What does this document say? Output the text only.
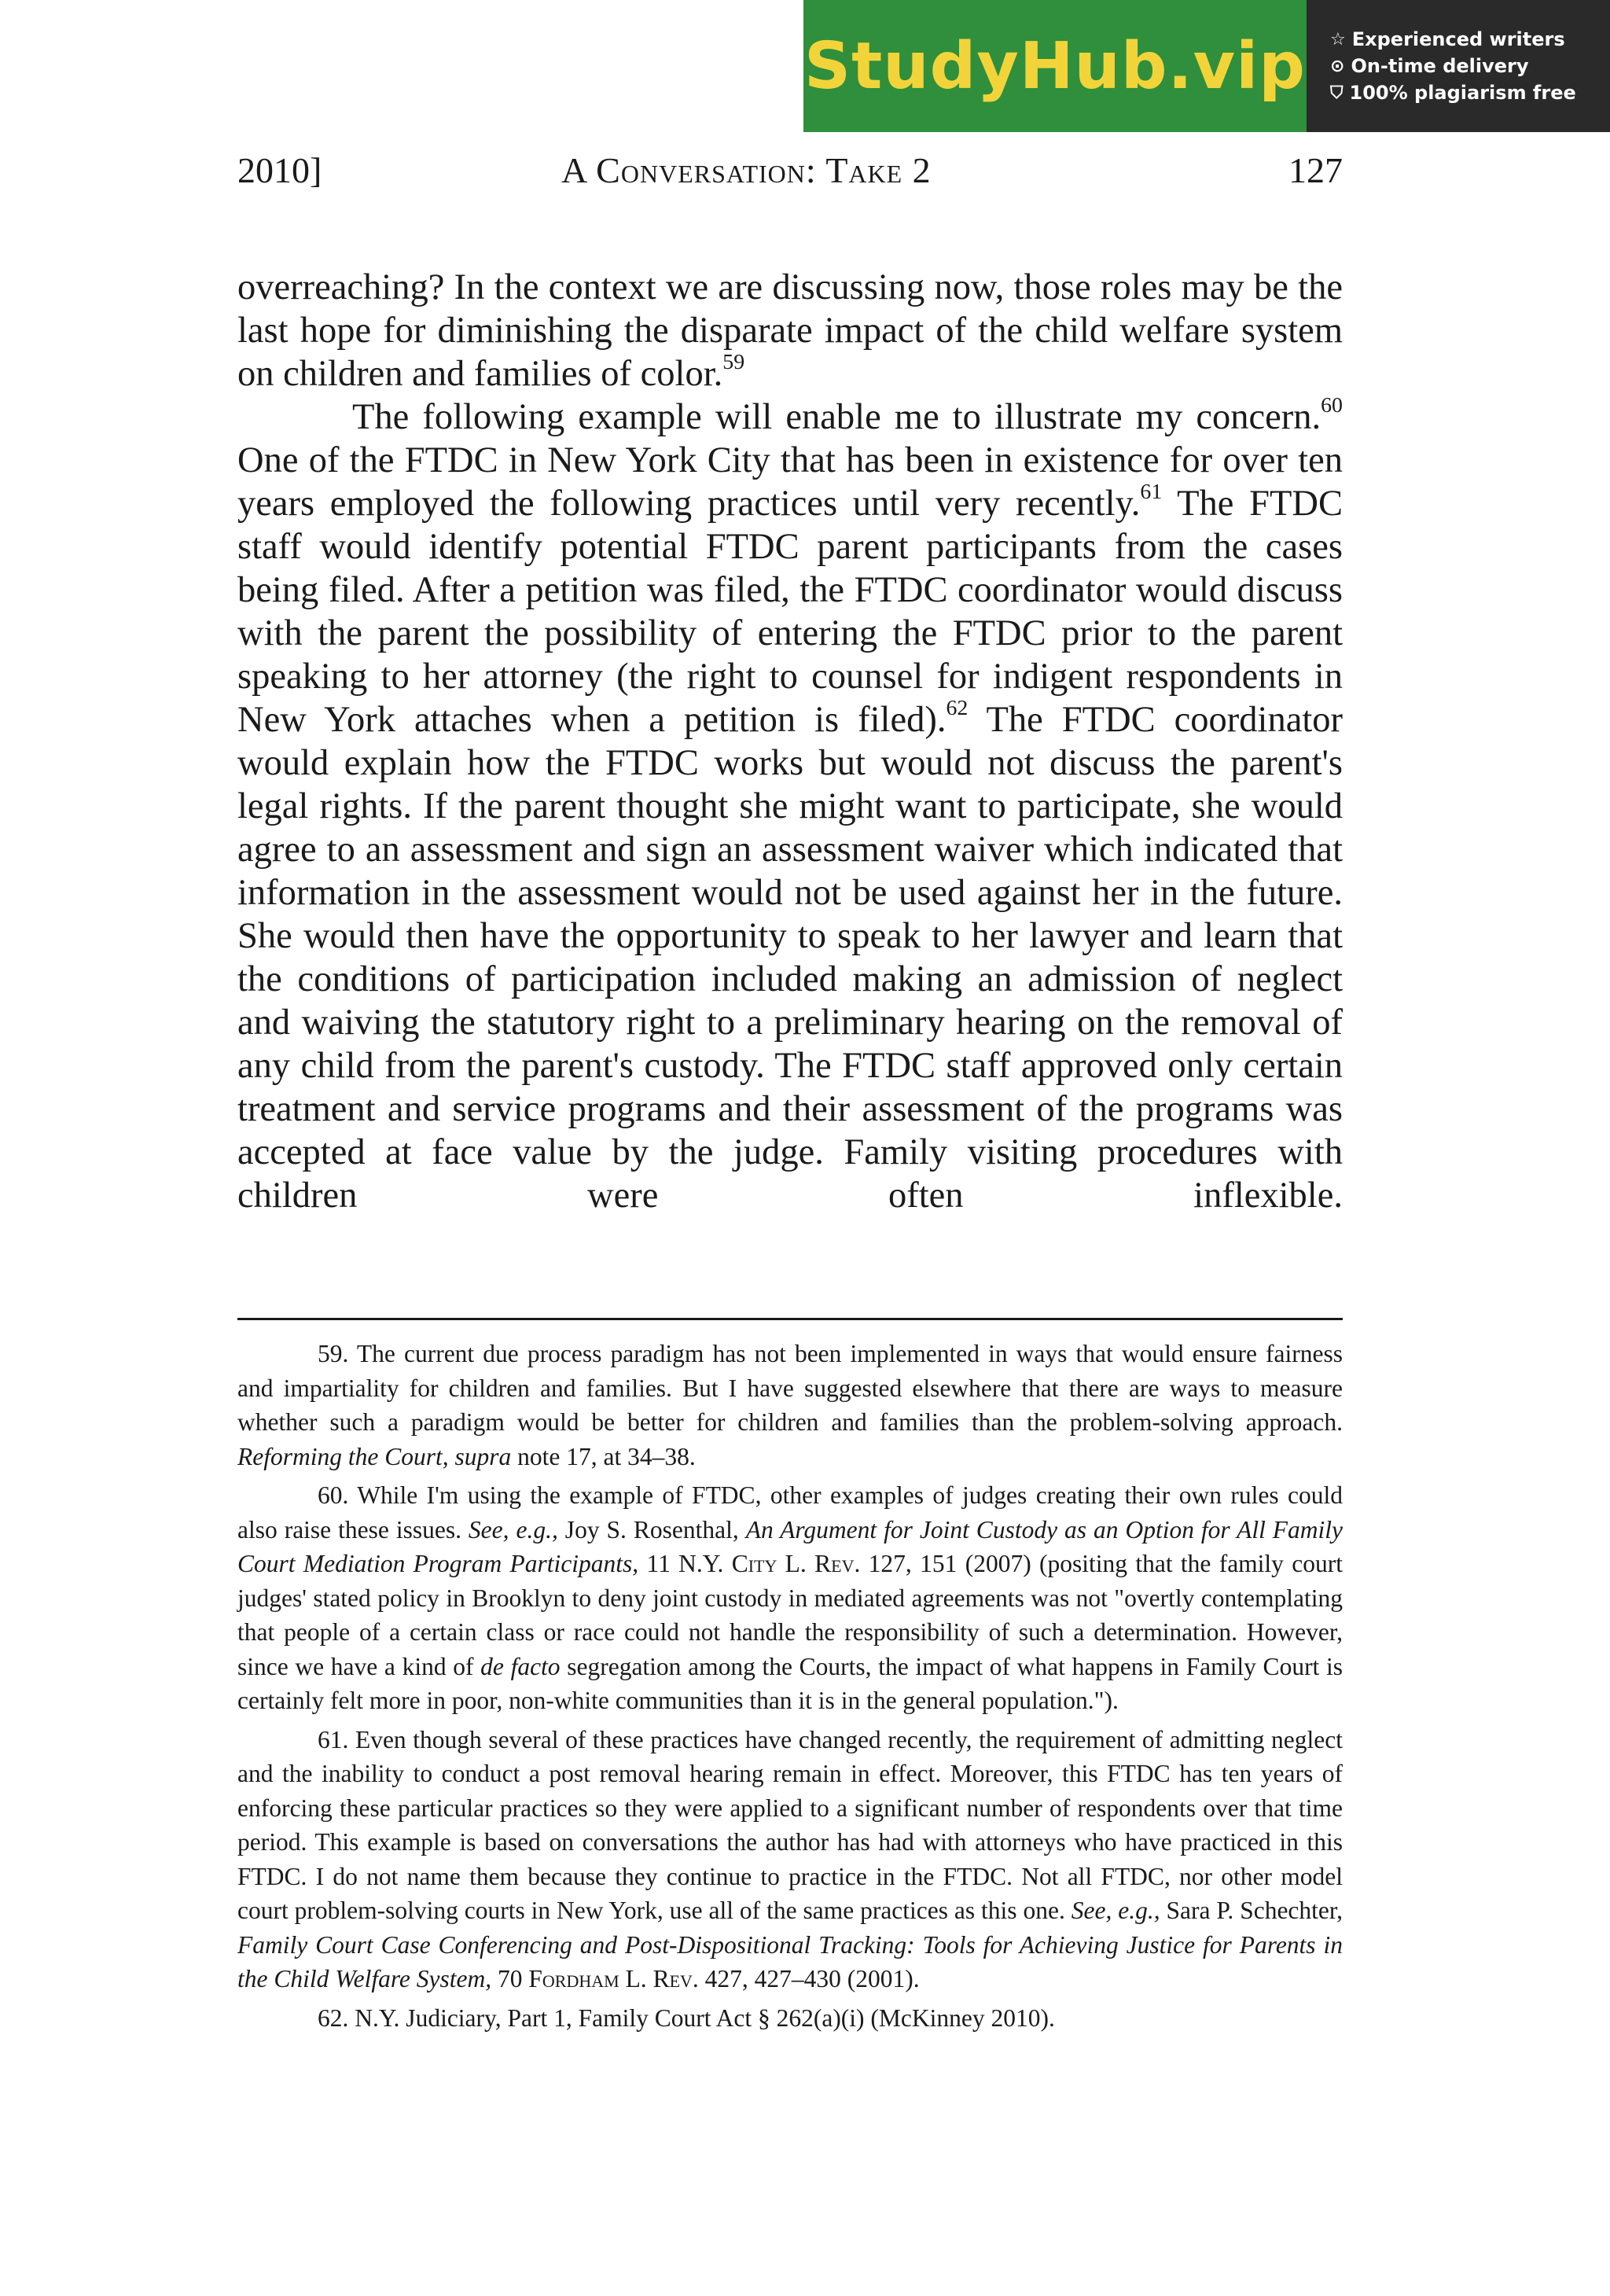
StudyHub.vip ☆ Experienced writers
⊙ On-time delivery
⛉ 100% plagiarism free
2010]	A Conversation: Take 2	127

overreaching? In the context we are discussing now, those roles may be the last hope for diminishing the disparate impact of the child welfare system on children and families of color.$^{59}$

The following example will enable me to illustrate my concern.$^{60}$ One of the FTDC in New York City that has been in existence for over ten years employed the following practices until very recently.$^{61}$ The FTDC staff would identify potential FTDC parent participants from the cases being filed. After a petition was filed, the FTDC coordinator would discuss with the parent the possibility of entering the FTDC prior to the parent speaking to her attorney (the right to counsel for indigent respondents in New York attaches when a petition is filed).$^{62}$ The FTDC coordinator would explain how the FTDC works but would not discuss the parent's legal rights. If the parent thought she might want to participate, she would agree to an assessment and sign an assessment waiver which indicated that information in the assessment would not be used against her in the future. She would then have the opportunity to speak to her lawyer and learn that the conditions of participation included making an admission of neglect and waiving the statutory right to a preliminary hearing on the removal of any child from the parent's custody. The FTDC staff approved only certain treatment and service programs and their assessment of the programs was accepted at face value by the judge. Family visiting procedures with children were often inflexible.

59. The current due process paradigm has not been implemented in ways that would ensure fairness and impartiality for children and families. But I have suggested elsewhere that there are ways to measure whether such a paradigm would be better for children and families than the problem-solving approach. Reforming the Court, supra note 17, at 34–38.

60. While I'm using the example of FTDC, other examples of judges creating their own rules could also raise these issues. See, e.g., Joy S. Rosenthal, An Argument for Joint Custody as an Option for All Family Court Mediation Program Participants, 11 N.Y. City L. Rev. 127, 151 (2007) (positing that the family court judges' stated policy in Brooklyn to deny joint custody in mediated agreements was not "overtly contemplating that people of a certain class or race could not handle the responsibility of such a determination. However, since we have a kind of de facto segregation among the Courts, the impact of what happens in Family Court is certainly felt more in poor, non-white communities than it is in the general population.").

61. Even though several of these practices have changed recently, the requirement of admitting neglect and the inability to conduct a post removal hearing remain in effect. Moreover, this FTDC has ten years of enforcing these particular practices so they were applied to a significant number of respondents over that time period. This example is based on conversations the author has had with attorneys who have practiced in this FTDC. I do not name them because they continue to practice in the FTDC. Not all FTDC, nor other model court problem-solving courts in New York, use all of the same practices as this one. See, e.g., Sara P. Schechter, Family Court Case Conferencing and Post-Dispositional Tracking: Tools for Achieving Justice for Parents in the Child Welfare System, 70 Fordham L. Rev. 427, 427–430 (2001).

62. N.Y. Judiciary, Part 1, Family Court Act § 262(a)(i) (McKinney 2010).
